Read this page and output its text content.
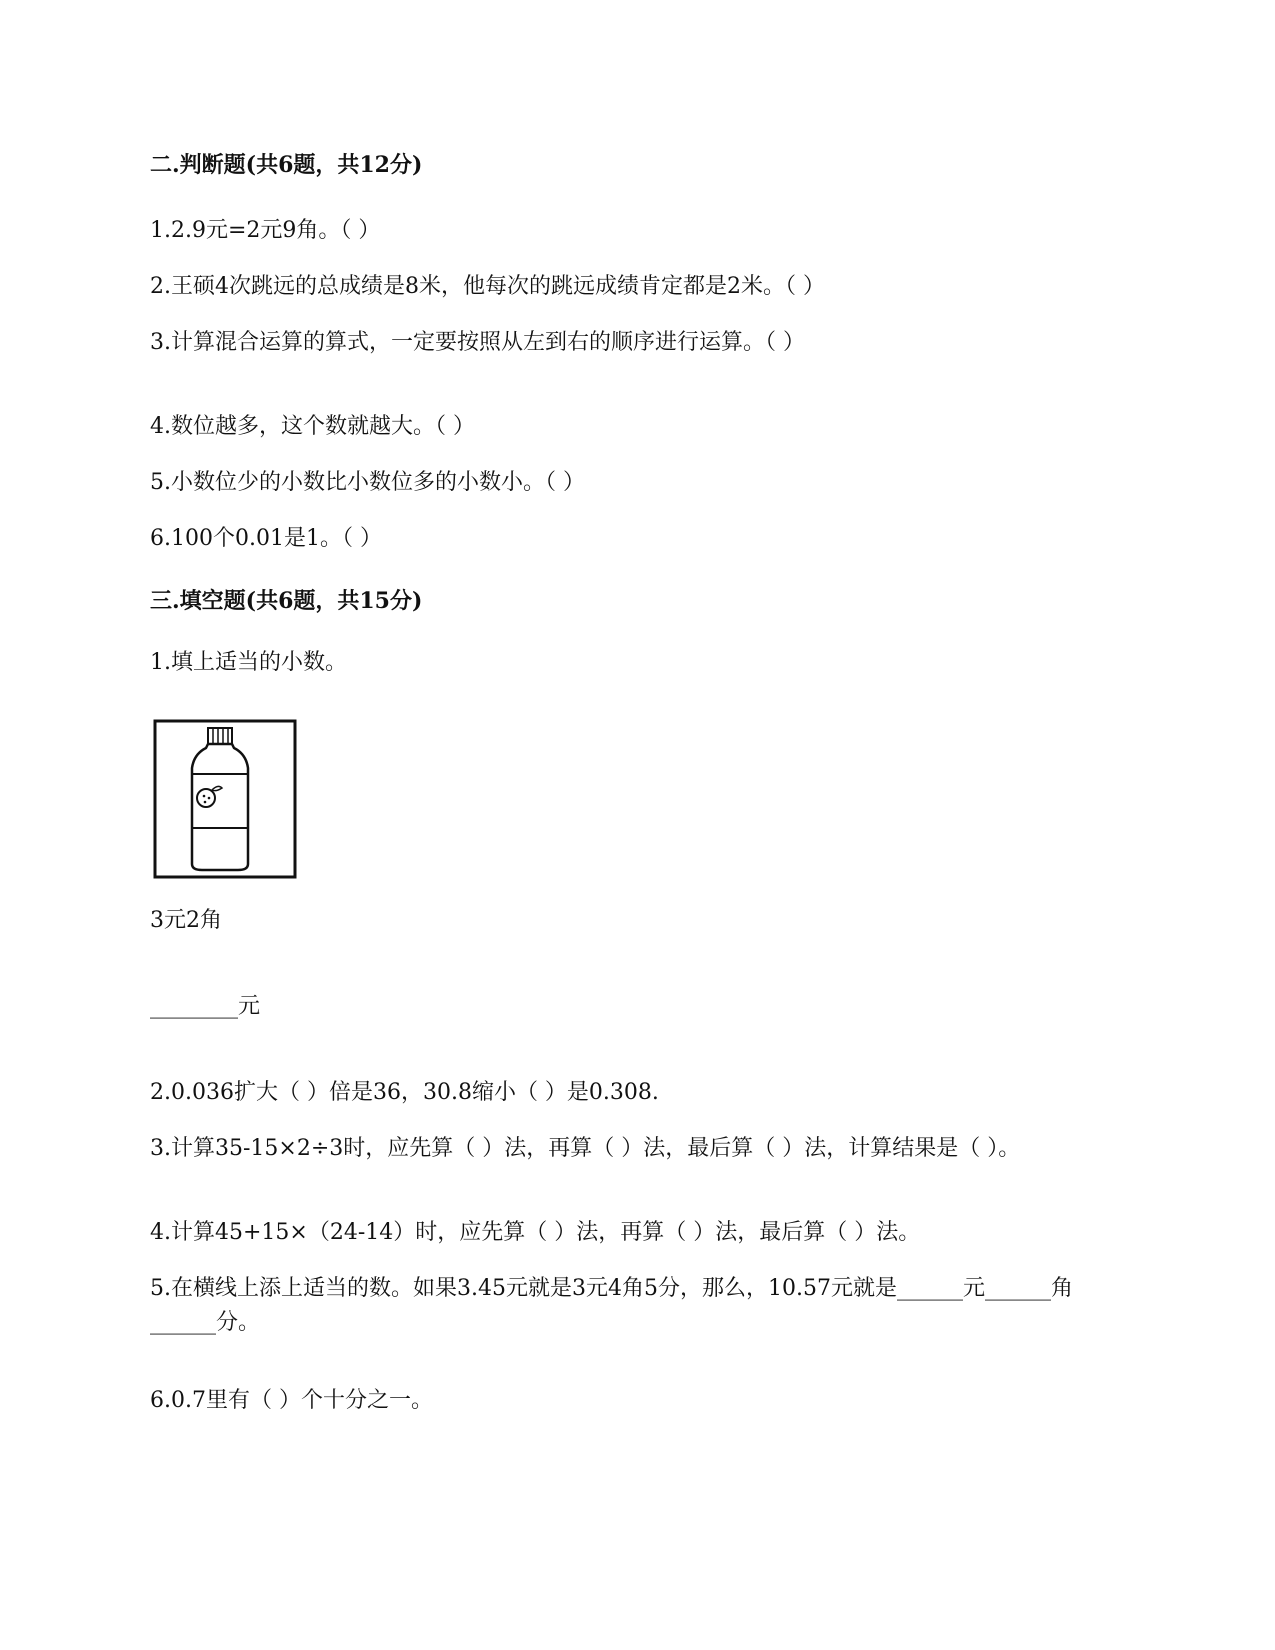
二.判断题(共6题，共12分)
1.2.9元=2元9角。（ ）
2.王硕4次跳远的总成绩是8米，他每次的跳远成绩肯定都是2米。（ ）
3.计算混合运算的算式，一定要按照从左到右的顺序进行运算。（ ）
4.数位越多，这个数就越大。（ ）
5.小数位少的小数比小数位多的小数小。（ ）
6.100个0.01是1。（ ）
三.填空题(共6题，共15分)
1.填上适当的小数。
3元2角
________元
2.0.036扩大（ ）倍是36，30.8缩小（ ）是0.308.
3.计算35-15×2÷3时，应先算（ ）法，再算（ ）法，最后算（ ）法，计算结果是（ ）。
4.计算45+15×（24-14）时，应先算（ ）法，再算（ ）法，最后算（ ）法。
5.在横线上添上适当的数。如果3.45元就是3元4角5分，那么，10.57元就是______元______角______分。
6.0.7里有（ ）个十分之一。
